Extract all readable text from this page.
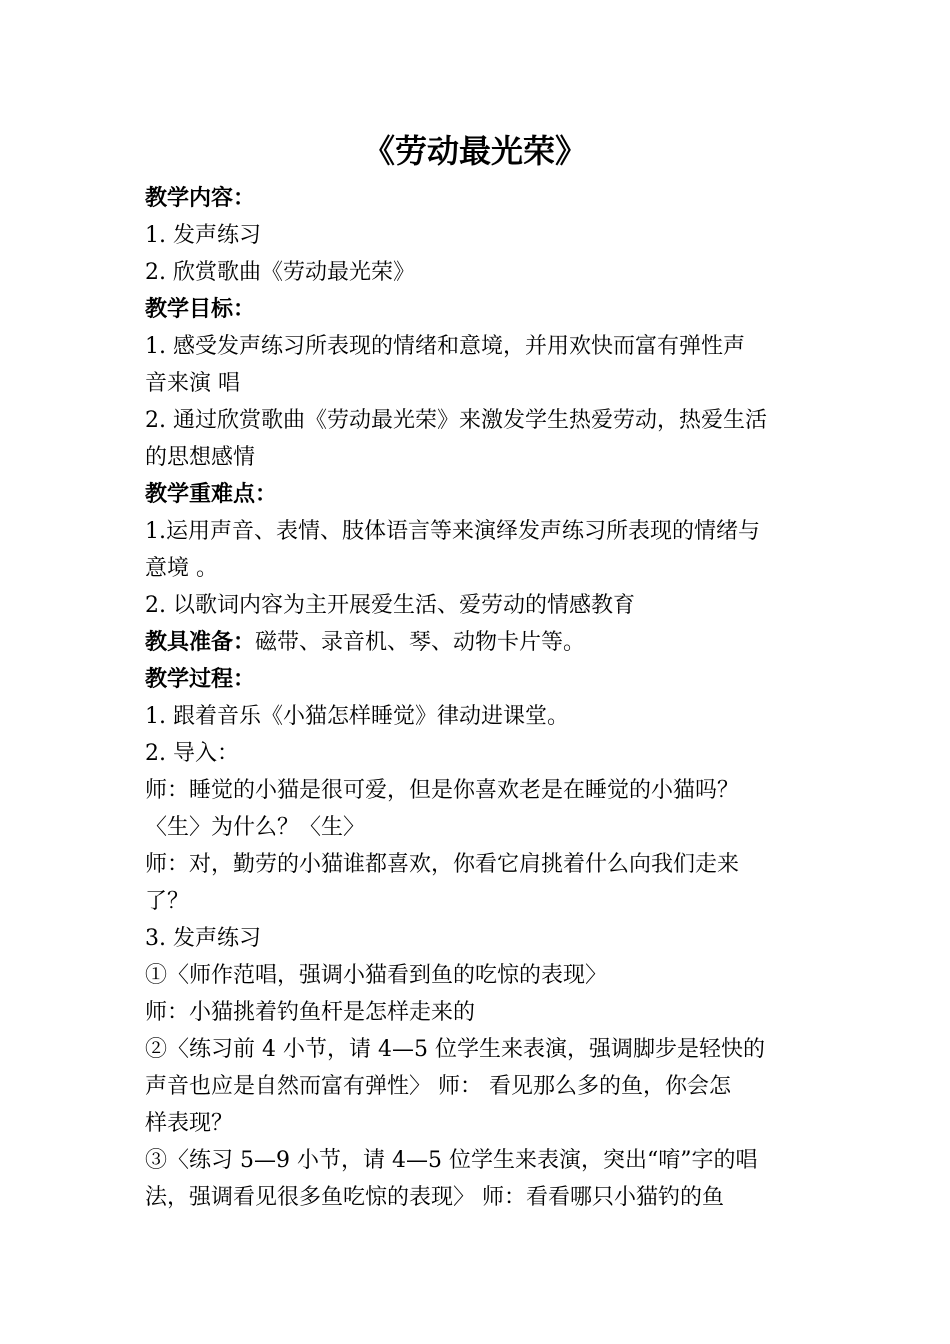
《劳动最光荣》
教学内容：
1. 发声练习
2. 欣赏歌曲《劳动最光荣》
教学目标：
1. 感受发声练习所表现的情绪和意境，并用欢快而富有弹性声
音来演 唱
2. 通过欣赏歌曲《劳动最光荣》来激发学生热爱劳动，热爱生活
的思想感情
教学重难点：
1.运用声音、表情、肢体语言等来演绎发声练习所表现的情绪与
意境 。
2. 以歌词内容为主开展爱生活、爱劳动的情感教育
教具准备：磁带、录音机、琴、动物卡片等。
教学过程：
1. 跟着音乐《小猫怎样睡觉》律动进课堂。
2. 导入：
师：睡觉的小猫是很可爱，但是你喜欢老是在睡觉的小猫吗？
〈生〉为什么？〈生〉
师：对，勤劳的小猫谁都喜欢，你看它肩挑着什么向我们走来
了？
3. 发声练习
①〈师作范唱，强调小猫看到鱼的吃惊的表现〉
师：小猫挑着钓鱼杆是怎样走来的
②〈练习前 4 小节，请 4—5 位学生来表演，强调脚步是轻快的
声音也应是自然而富有弹性〉 师： 看见那么多的鱼，你会怎
样表现？
③〈练习 5—9 小节，请 4—5 位学生来表演，突出“唷”字的唱
法，强调看见很多鱼吃惊的表现〉 师：看看哪只小猫钓的鱼
